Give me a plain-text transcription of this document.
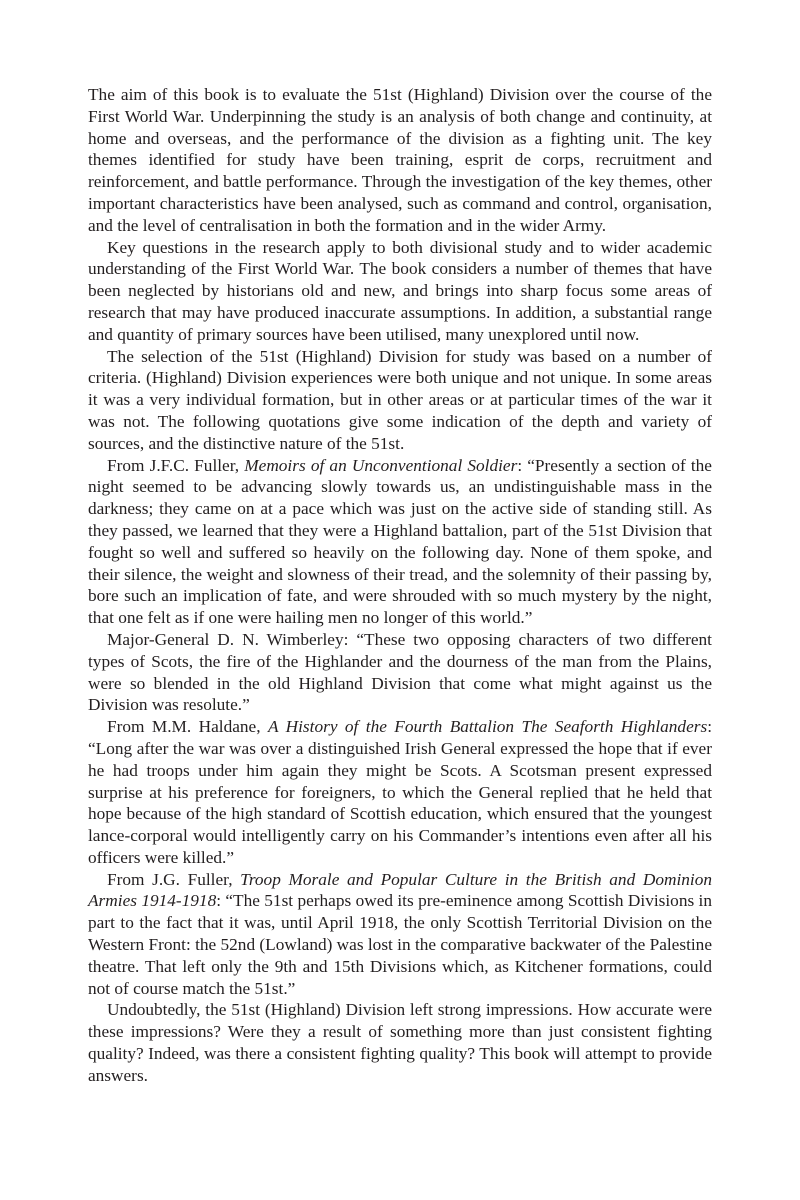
The aim of this book is to evaluate the 51st (Highland) Division over the course of the First World War. Underpinning the study is an analysis of both change and continuity, at home and overseas, and the performance of the division as a fighting unit. The key themes identified for study have been training, esprit de corps, recruitment and reinforcement, and battle performance. Through the investigation of the key themes, other important characteristics have been analysed, such as command and control, organisation, and the level of centralisation in both the formation and in the wider Army.

Key questions in the research apply to both divisional study and to wider academic understanding of the First World War. The book considers a number of themes that have been neglected by historians old and new, and brings into sharp focus some areas of research that may have produced inaccurate assumptions. In addition, a substantial range and quantity of primary sources have been utilised, many unexplored until now.

The selection of the 51st (Highland) Division for study was based on a number of criteria. (Highland) Division experiences were both unique and not unique. In some areas it was a very individual formation, but in other areas or at particular times of the war it was not. The following quotations give some indication of the depth and variety of sources, and the distinctive nature of the 51st.

From J.F.C. Fuller, Memoirs of an Unconventional Soldier: “Presently a section of the night seemed to be advancing slowly towards us, an undistinguishable mass in the darkness; they came on at a pace which was just on the active side of standing still. As they passed, we learned that they were a Highland battalion, part of the 51st Division that fought so well and suffered so heavily on the following day. None of them spoke, and their silence, the weight and slowness of their tread, and the solemnity of their passing by, bore such an implication of fate, and were shrouded with so much mystery by the night, that one felt as if one were hailing men no longer of this world.”

Major-General D. N. Wimberley: “These two opposing characters of two different types of Scots, the fire of the Highlander and the dourness of the man from the Plains, were so blended in the old Highland Division that come what might against us the Division was resolute.”

From M.M. Haldane, A History of the Fourth Battalion The Seaforth Highlanders: “Long after the war was over a distinguished Irish General expressed the hope that if ever he had troops under him again they might be Scots. A Scotsman present expressed surprise at his preference for foreigners, to which the General replied that he held that hope because of the high standard of Scottish education, which ensured that the youngest lance-corporal would intelligently carry on his Commander’s intentions even after all his officers were killed.”

From J.G. Fuller, Troop Morale and Popular Culture in the British and Dominion Armies 1914-1918: “The 51st perhaps owed its pre-eminence among Scottish Divisions in part to the fact that it was, until April 1918, the only Scottish Territorial Division on the Western Front: the 52nd (Lowland) was lost in the comparative backwater of the Palestine theatre. That left only the 9th and 15th Divisions which, as Kitchener formations, could not of course match the 51st.”

Undoubtedly, the 51st (Highland) Division left strong impressions. How accurate were these impressions? Were they a result of something more than just consistent fighting quality? Indeed, was there a consistent fighting quality? This book will attempt to provide answers.
